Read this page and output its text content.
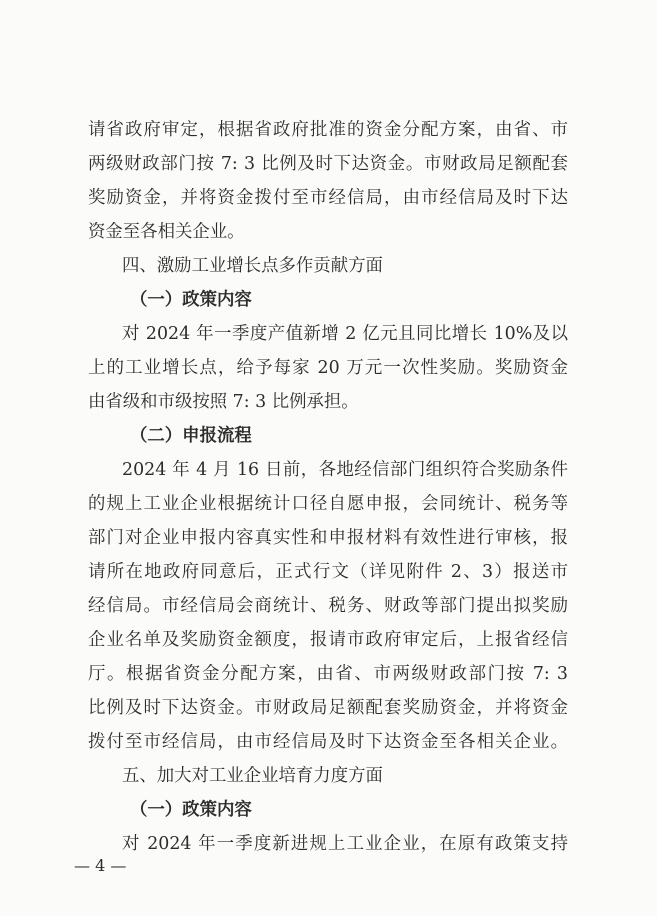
请省政府审定，根据省政府批准的资金分配方案，由省、市
两级财政部门按 7: 3 比例及时下达资金。市财政局足额配套
奖励资金，并将资金拨付至市经信局，由市经信局及时下达
资金至各相关企业。
四、激励工业增长点多作贡献方面
（一）政策内容
对 2024 年一季度产值新增 2 亿元且同比增长 10%及以
上的工业增长点，给予每家 20 万元一次性奖励。奖励资金
由省级和市级按照 7: 3 比例承担。
（二）申报流程
2024 年 4 月 16 日前，各地经信部门组织符合奖励条件
的规上工业企业根据统计口径自愿申报，会同统计、税务等
部门对企业申报内容真实性和申报材料有效性进行审核，报
请所在地政府同意后，正式行文（详见附件 2、3）报送市
经信局。市经信局会商统计、税务、财政等部门提出拟奖励
企业名单及奖励资金额度，报请市政府审定后，上报省经信
厅。根据省资金分配方案，由省、市两级财政部门按 7: 3
比例及时下达资金。市财政局足额配套奖励资金，并将资金
拨付至市经信局，由市经信局及时下达资金至各相关企业。
五、加大对工业企业培育力度方面
（一）政策内容
对 2024 年一季度新进规上工业企业，在原有政策支持
— 4 —
